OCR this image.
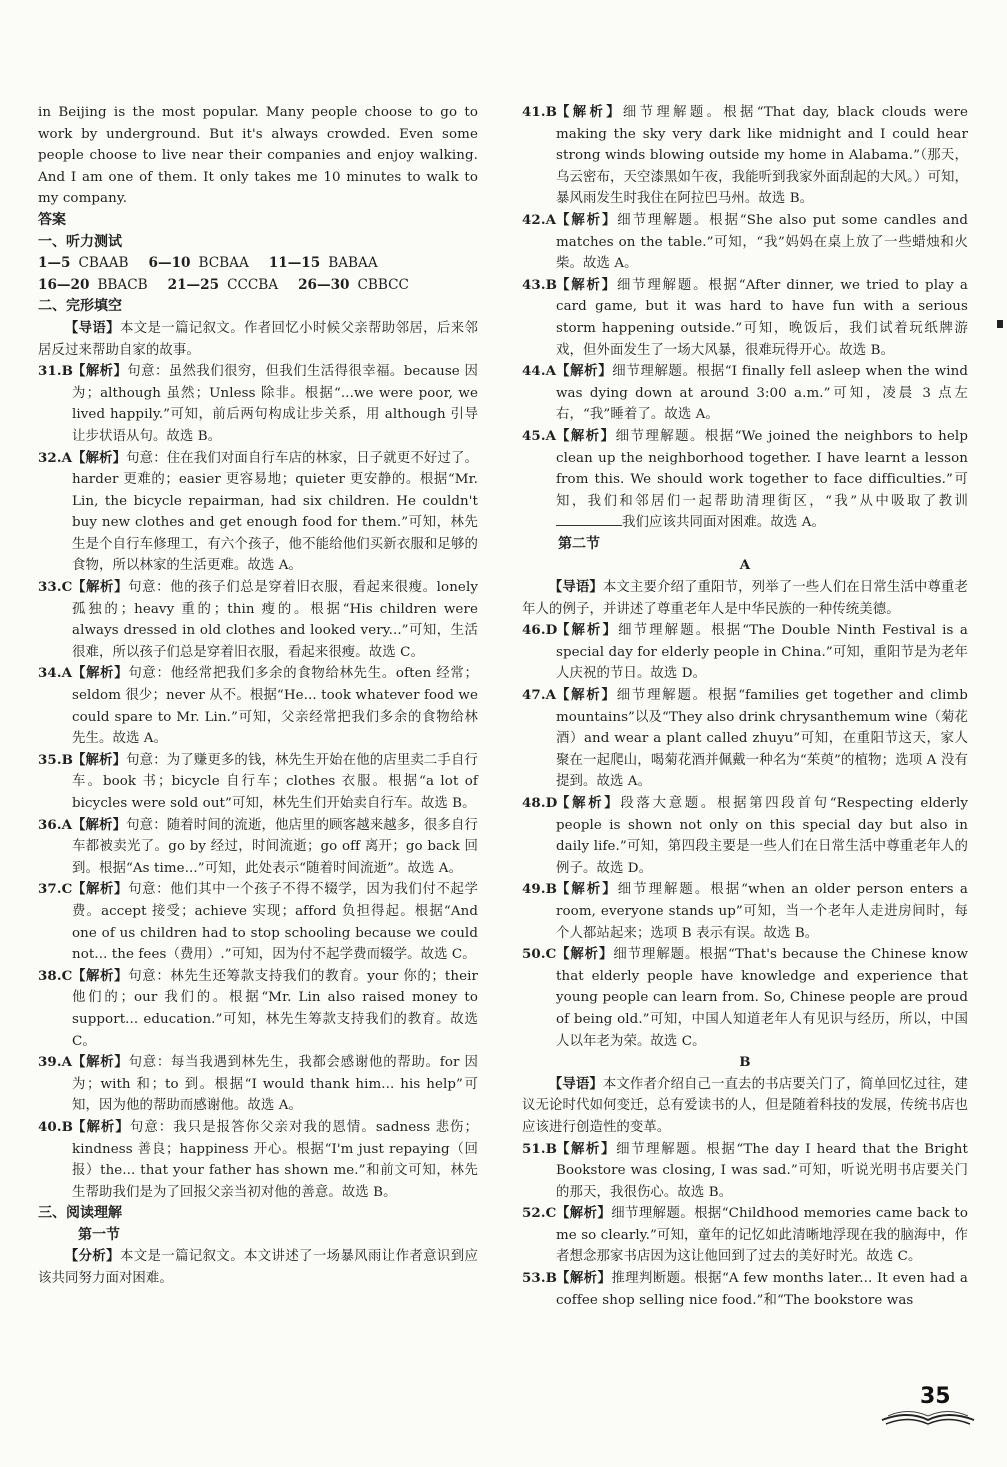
in Beijing is the most popular. Many people choose to go to work by underground. But it's always crowded. Even some people choose to live near their companies and enjoy walking. And I am one of them. It only takes me 10 minutes to walk to my company.

答案

一、听力测试

1—5 CBAAB 6—10 BCBAA 11—15 BABAA
16—20 BBACB 21—25 CCCBA 26—30 CBBCC

二、完形填空

【导语】本文是一篇记叙文。作者回忆小时候父亲帮助邻居，后来邻居反过来帮助自家的故事。

31.B
【解析】句意：虽然我们很穷，但我们生活得很幸福。because 因为；although 虽然；Unless 除非。根据“...we were poor, we lived happily.”可知，前后两句构成让步关系，用 although 引导让步状语从句。故选 B。
32.A 【解析】句意：住在我们对面自行车店的林家，日子就更不好过了。harder 更难的；easier 更容易地；quieter 更安静的。根据“Mr. Lin, the bicycle repairman, had six children. He couldn't buy new clothes and get enough food for them.”可知，林先生是个自行车修理工，有六个孩子，他不能给他们买新衣服和足够的食物，所以林家的生活更难。故选 A。
33.C 【解析】句意：他的孩子们总是穿着旧衣服，看起来很瘦。lonely 孤独的；heavy 重的；thin 瘦的。根据“His children were always dressed in old clothes and looked very...”可知，生活很难，所以孩子们总是穿着旧衣服，看起来很瘦。故选 C。
34.A 【解析】句意：他经常把我们多余的食物给林先生。often 经常；seldom 很少；never 从不。根据“He... took whatever food we could spare to Mr. Lin.”可知，父亲经常把我们多余的食物给林先生。故选 A。
35.B
【解析】句意：为了赚更多的钱，林先生开始在他的店里卖二手自行车。book 书；bicycle 自行车；clothes 衣服。根据“a lot of bicycles were sold out”可知，林先生们开始卖自行车。故选 B。
36.A 【解析】句意：随着时间的流逝，他店里的顾客越来越多，很多自行车都被卖光了。go by 经过，时间流逝；go off 离开；go back 回到。根据“As time...”可知，此处表示“随着时间流逝”。故选 A。
37.C 【解析】句意：他们其中一个孩子不得不辍学，因为我们付不起学费。accept 接受；achieve 实现；afford 负担得起。根据“And one of us children had to stop schooling because we could not... the fees（费用）.”可知，因为付不起学费而辍学。故选 C。
38.C 【解析】句意：林先生还筹款支持我们的教育。your 你的；their 他们的；our 我们的。根据“Mr. Lin also raised money to support... education.”可知，林先生筹款支持我们的教育。故选 C。
39.A 【解析】句意：每当我遇到林先生，我都会感谢他的帮助。for 因为；with 和；to 到。根据“I would thank him... his help”可知，因为他的帮助而感谢他。故选 A。
40.B
【解析】句意：我只是报答你父亲对我的恩情。sadness 悲伤；kindness 善良；happiness 开心。根据“I'm just repaying（回报）the... that your father has shown me.”和前文可知，林先生帮助我们是为了回报父亲当初对他的善意。故选 B。

三、阅读理解

第一节

【分析】本文是一篇记叙文。本文讲述了一场暴风雨让作者意识到应该共同努力面对困难。

41.B
【解析】细节理解题。根据“That day, black clouds were making the sky very dark like midnight and I could hear strong winds blowing outside my home in Alabama.”（那天，乌云密布，天空漆黑如午夜，我能听到我家外面刮起的大风。）可知，暴风雨发生时我住在阿拉巴马州。故选 B。
42.A 【解析】细节理解题。根据“She also put some candles and matches on the table.”可知，“我”妈妈在桌上放了一些蜡烛和火柴。故选 A。
43.B
【解析】细节理解题。根据“After dinner, we tried to play a card game, but it was hard to have fun with a serious storm happening outside.”可知，晚饭后，我们试着玩纸牌游戏，但外面发生了一场大风暴，很难玩得开心。故选 B。
44.A 【解析】细节理解题。根据“I finally fell asleep when the wind was dying down at around 3:00 a.m.”可知，凌晨 3 点左右，“我”睡着了。故选 A。
45.A 【解析】细节理解题。根据“We joined the neighbors to help clean up the neighborhood together. I have learnt a lesson from this. We should work together to face difficulties.”可知，我们和邻居们一起帮助清理街区，“我”从中吸取了教训我们应该共同面对困难。故选 A。

第二节

A

【导语】本文主要介绍了重阳节，列举了一些人们在日常生活中尊重老年人的例子，并讲述了尊重老年人是中华民族的一种传统美德。

46.D
【解析】细节理解题。根据“The Double Ninth Festival is a special day for elderly people in China.”可知，重阳节是为老年人庆祝的节日。故选 D。
47.A 【解析】细节理解题。根据“families get together and climb mountains”以及“They also drink chrysanthemum wine（菊花酒）and wear a plant called zhuyu”可知，在重阳节这天，家人聚在一起爬山，喝菊花酒并佩戴一种名为“茱萸”的植物；选项 A 没有提到。故选 A。
48.D
【解析】段落大意题。根据第四段首句“Respecting elderly people is shown not only on this special day but also in daily life.”可知，第四段主要是一些人们在日常生活中尊重老年人的例子。故选 D。
49.B
【解析】细节理解题。根据“when an older person enters a room, everyone stands up”可知，当一个老年人走进房间时，每个人都站起来；选项 B 表示有误。故选 B。
50.C 【解析】细节理解题。根据“That's because the Chinese know that elderly people have knowledge and experience that young people can learn from. So, Chinese people are proud of being old.”可知，中国人知道老年人有见识与经历，所以，中国人以年老为荣。故选 C。

B

【导语】本文作者介绍自己一直去的书店要关门了，简单回忆过往，建议无论时代如何变迁，总有爱读书的人，但是随着科技的发展，传统书店也应该进行创造性的变革。

51.B
【解析】细节理解题。根据“The day I heard that the Bright Bookstore was closing, I was sad.”可知，听说光明书店要关门的那天，我很伤心。故选 B。
52.C 【解析】细节理解题。根据“Childhood memories came back to me so clearly.”可知，童年的记忆如此清晰地浮现在我的脑海中，作者想念那家书店因为这让他回到了过去的美好时光。故选 C。
53.B
【解析】推理判断题。根据“A few months later... It even had a coffee shop selling nice food.”和“The bookstore was
35
